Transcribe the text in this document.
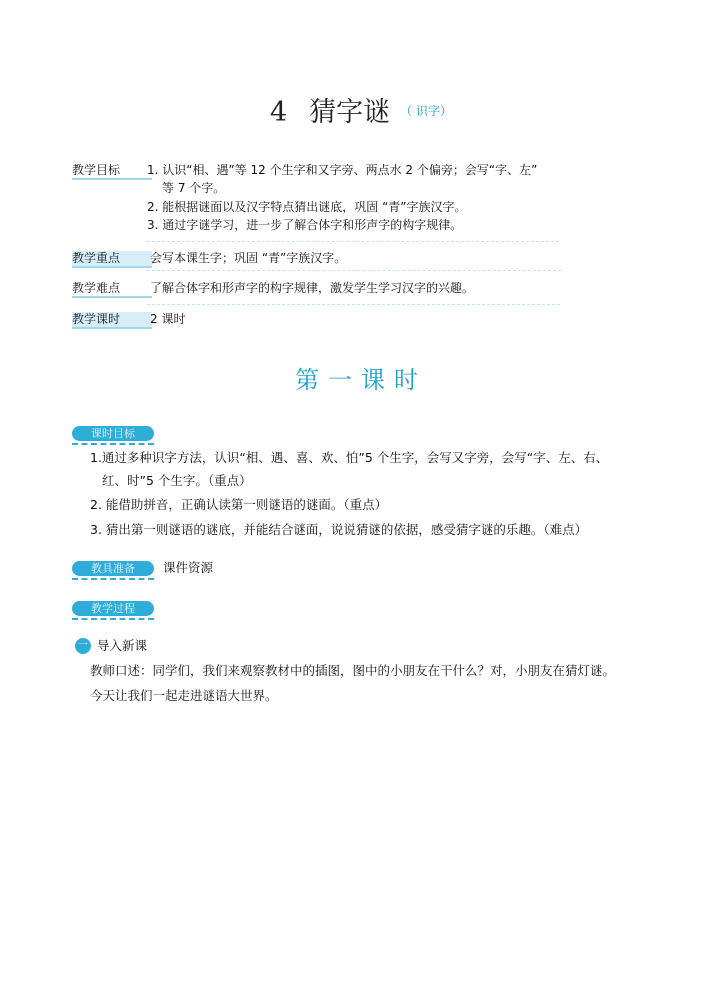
4 猜字谜 $^{( 识字)}$
教学目标	1. 认识“相、遇”等 12 个生字和又字旁、两点水 2 个偏旁；会写“字、左”
等 7 个字。
2. 能根据谜面以及汉字特点猜出谜底，巩固 “青”字族汉字。
3. 通过字谜学习，进一步了解合体字和形声字的构字规律。
教学重点	会写本课生字；巩固 “青”字族汉字。
教学难点	了解合体字和形声字的构字规律，激发学生学习汉字的兴趣。
教学课时	2 课时
第一课时
课时目标
1.通过多种识字方法，认识“相、遇、喜、欢、怕”5 个生字，会写又字旁，会写“字、左、右、
红、时”5 个生字。（重点）
2. 能借助拼音，正确认读第一则谜语的谜面。（重点）
3. 猜出第一则谜语的谜底，并能结合谜面，说说猜谜的依据，感受猜字谜的乐趣。（难点）
教具准备	课件资源
教学过程
一 导入新课
教师口述：同学们，我们来观察教材中的插图，图中的小朋友在干什么？对，小朋友在猜灯谜。
今天让我们一起走进谜语大世界。
